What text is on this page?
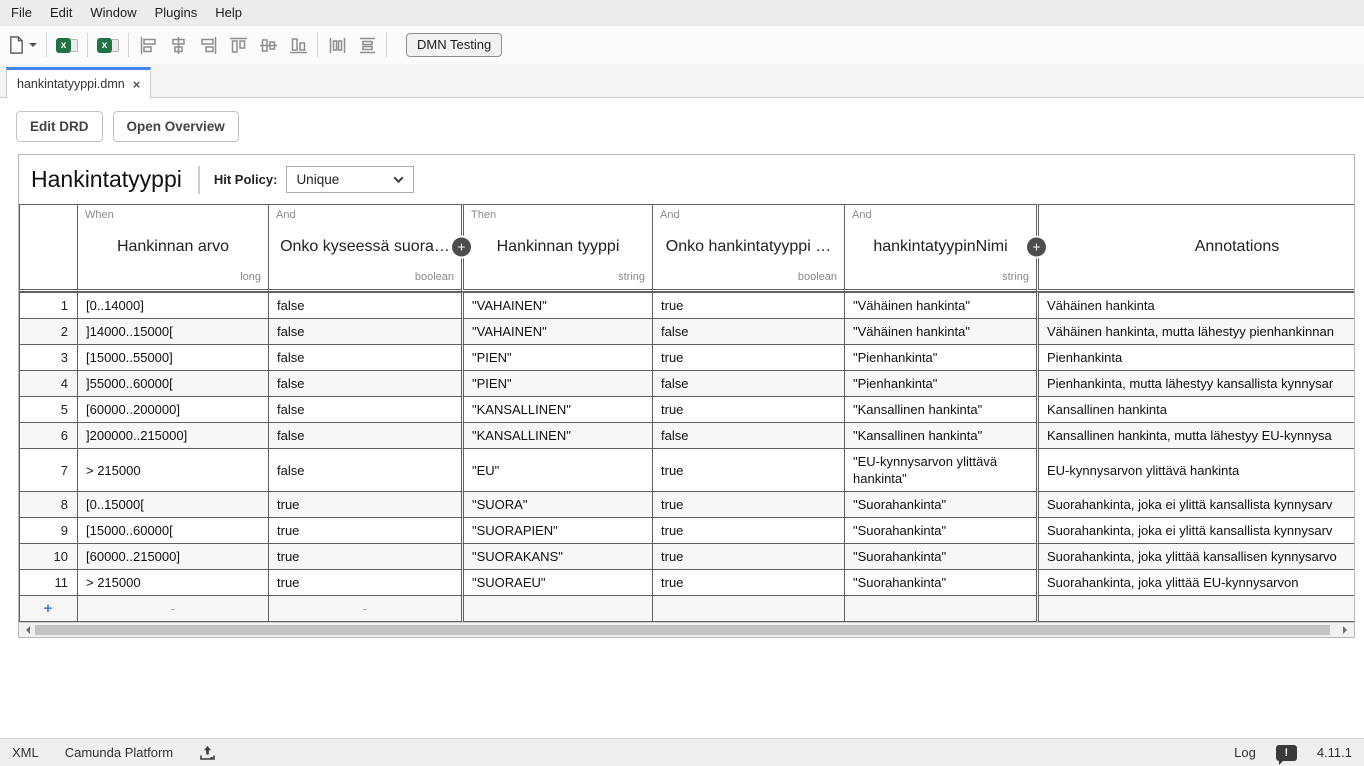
File	Edit	Window	Plugins	Help
x	x	DMN Testing
hankintatyyppi.dmn ×
Edit DRD	Open Overview
Hankintatyyppi Hit Policy: Unique

When
Hankinnan arvo
long

And
Onko kyseessä suora…
boolean
+

Then
Hankinnan tyyppi
string

And
Onko hankintatyyppi …
boolean

And
hankintatyypinNimi
string
+	Annotations

1	[0..14000]	false	"VAHAINEN"	true	"Vähäinen hankinta"	Vähäinen hankinta
2	]14000..15000[	false	"VAHAINEN"	false	"Vähäinen hankinta"	Vähäinen hankinta, mutta lähestyy pienhankinnan
3	[15000..55000]	false	"PIEN"	true	"Pienhankinta"	Pienhankinta
4	]55000..60000[	false	"PIEN"	false	"Pienhankinta"	Pienhankinta, mutta lähestyy kansallista kynnysar
5	[60000..200000]	false	"KANSALLINEN"	true	"Kansallinen hankinta"	Kansallinen hankinta
6	]200000..215000]	false	"KANSALLINEN"	false	"Kansallinen hankinta"	Kansallinen hankinta, mutta lähestyy EU-kynnysa
7	> 215000	false	"EU"	true	"EU-kynnysarvon ylittävä hankinta"	EU-kynnysarvon ylittävä hankinta
8	[0..15000[	true	"SUORA"	true	"Suorahankinta"	Suorahankinta, joka ei ylittä kansallista kynnysarv
9	[15000..60000[	true	"SUORAPIEN"	true	"Suorahankinta"	Suorahankinta, joka ei ylittä kansallista kynnysarv
10	[60000..215000]	true	"SUORAKANS"	true	"Suorahankinta"	Suorahankinta, joka ylittää kansallisen kynnysarvo
11	> 215000	true	"SUORAEU"	true	"Suorahankinta"	Suorahankinta, joka ylittää EU-kynnysarvon
+	-	-				
XML Camunda Platform	Log	!	4.11.1
